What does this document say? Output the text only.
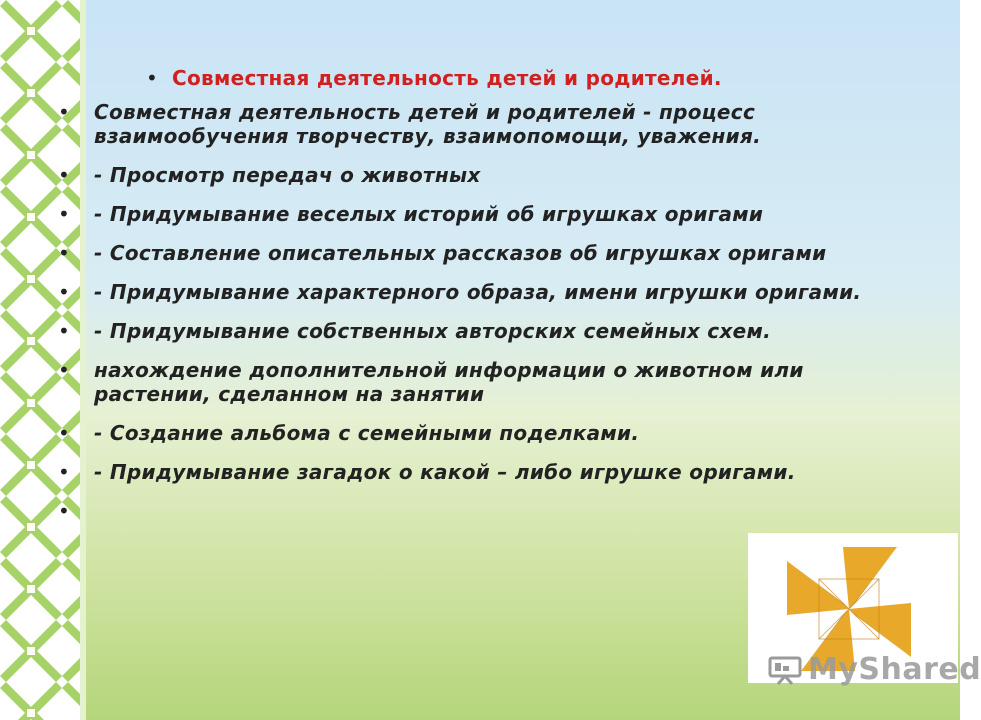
• Совместная деятельность детей и родителей.
• Совместная деятельность детей и родителей - процесс взаимообучения творчеству, взаимопомощи, уважения.
• - Просмотр передач о животных
• - Придумывание веселых историй об игрушках оригами
• - Составление описательных рассказов об игрушках оригами
• - Придумывание характерного образа, имени игрушки оригами.
• - Придумывание собственных авторских семейных схем.
• нахождение дополнительной информации о животном или растении, сделанном на занятии
• - Создание альбома с семейными поделками.
• - Придумывание загадок о какой – либо игрушке оригами.
•
MyShared
